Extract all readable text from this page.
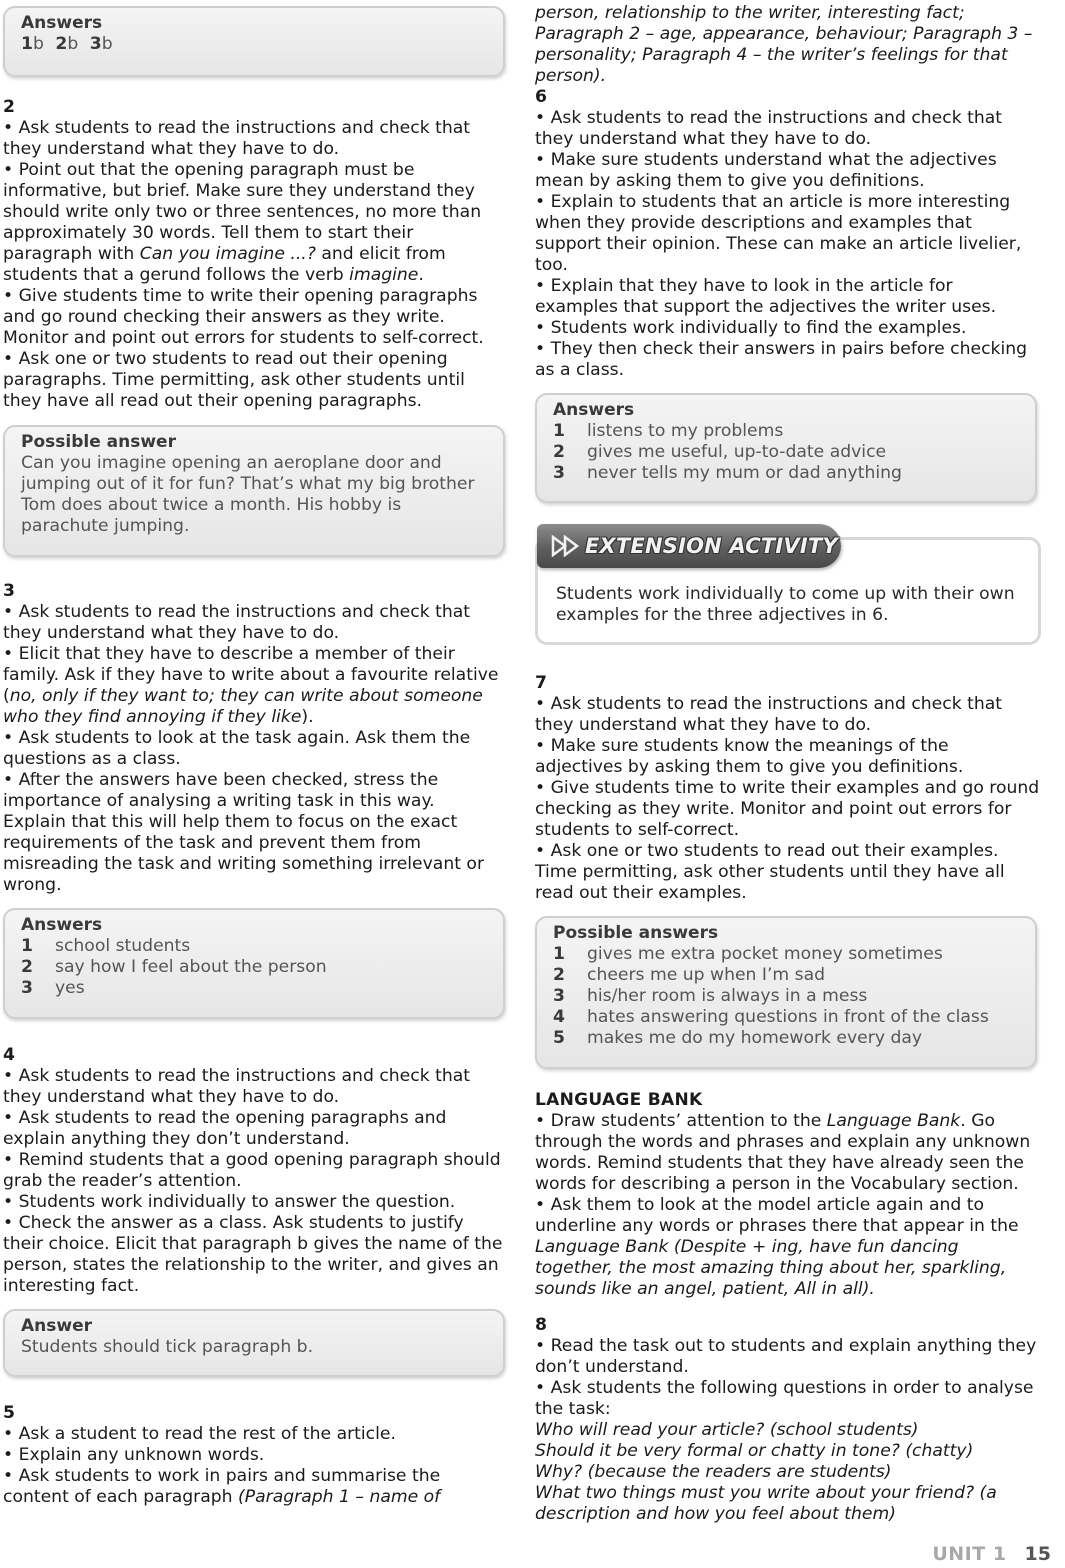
Answers
1b 2b 3b

2

• Ask students to read the instructions and check that they understand what they have to do.

• Point out that the opening paragraph must be informative, but brief. Make sure they understand they should write only two or three sentences, no more than approximately 30 words. Tell them to start their paragraph with Can you imagine ...? and elicit from students that a gerund follows the verb imagine.

• Give students time to write their opening paragraphs and go round checking their answers as they write. Monitor and point out errors for students to self-correct.

• Ask one or two students to read out their opening paragraphs. Time permitting, ask other students until they have all read out their opening paragraphs.

Possible answer
Can you imagine opening an aeroplane door and jumping out of it for fun? That’s what my big brother Tom does about twice a month. His hobby is parachute jumping.

3

• Ask students to read the instructions and check that they understand what they have to do.

• Elicit that they have to describe a member of their family. Ask if they have to write about a favourite relative (no, only if they want to; they can write about someone who they find annoying if they like).

• Ask students to look at the task again. Ask them the questions as a class.

• After the answers have been checked, stress the importance of analysing a writing task in this way. Explain that this will help them to focus on the exact requirements of the task and prevent them from misreading the task and writing something irrelevant or wrong.

Answers
1 school students
2 say how I feel about the person
3 yes

4

• Ask students to read the instructions and check that they understand what they have to do.

• Ask students to read the opening paragraphs and explain anything they don’t understand.

• Remind students that a good opening paragraph should grab the reader’s attention.

• Students work individually to answer the question.

• Check the answer as a class. Ask students to justify their choice. Elicit that paragraph b gives the name of the person, states the relationship to the writer, and gives an interesting fact.

Answer
Students should tick paragraph b.

5

• Ask a student to read the rest of the article.

• Explain any unknown words.

• Ask students to work in pairs and summarise the content of each paragraph (Paragraph 1 – name of

person, relationship to the writer, interesting fact; Paragraph 2 – age, appearance, behaviour; Paragraph 3 – personality; Paragraph 4 – the writer’s feelings for that person).

6

• Ask students to read the instructions and check that they understand what they have to do.

• Make sure students understand what the adjectives mean by asking them to give you definitions.

• Explain to students that an article is more interesting when they provide descriptions and examples that support their opinion. These can make an article livelier, too.

• Explain that they have to look in the article for examples that support the adjectives the writer uses.

• Students work individually to find the examples.

• They then check their answers in pairs before checking as a class.

Answers
1 listens to my problems
2 gives me useful, up-to-date advice
3 never tells my mum or dad anything

Students work individually to come up with their own examples for the three adjectives in 6.

EXTENSION ACTIVITY

7

• Ask students to read the instructions and check that they understand what they have to do.

• Make sure students know the meanings of the adjectives by asking them to give you definitions.

• Give students time to write their examples and go round checking as they write. Monitor and point out errors for students to self-correct.

• Ask one or two students to read out their examples. Time permitting, ask other students until they have all read out their examples.

Possible answers
1 gives me extra pocket money sometimes
2 cheers me up when I’m sad
3 his/her room is always in a mess
4 hates answering questions in front of the class
5 makes me do my homework every day

LANGUAGE BANK

• Draw students’ attention to the Language Bank. Go through the words and phrases and explain any unknown words. Remind students that they have already seen the words for describing a person in the Vocabulary section.

• Ask them to look at the model article again and to underline any words or phrases there that appear in the Language Bank (Despite + ing, have fun dancing together, the most amazing thing about her, sparkling, sounds like an angel, patient, All in all).

8

• Read the task out to students and explain anything they don’t understand.

• Ask students the following questions in order to analyse the task:

Who will read your article? (school students)

Should it be very formal or chatty in tone? (chatty)

Why? (because the readers are students)

What two things must you write about your friend? (a description and how you feel about them)

UNIT 1 15
